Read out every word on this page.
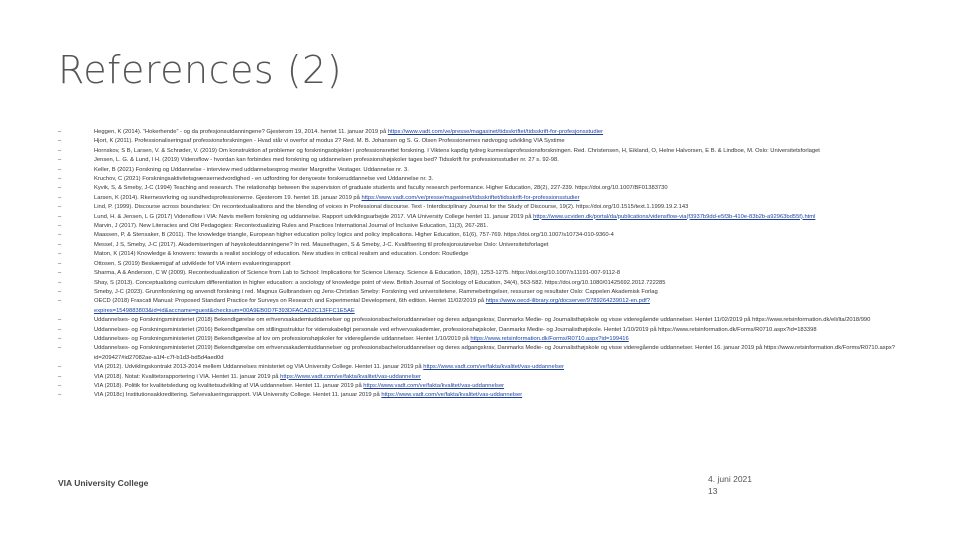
References (2)
–	Heggen, K (2014). ”Hokerhende” - og da profesjonsutdanningene? Gjesterom 19, 2014. hentet 11. januar 2019 på https://www.vadt.com/ve/presse/magasinet/tidsskriftet/tidsskrift-for-profesjonsstudier
–	Hjort, K (2011). Professionaliseringsaf professionsforskningen - Hvad står vi overfor af modus 2? Red. M. B. Johansen og S. G. Olsen Professionernes nødvogog udvikling VIA Systime
–	Hornskov, S B, Larsen, V. & Schrøder, V. (2019) Om konstruktion af problemer og forskningsobjekter i professionsrettet forskning. I Viktens kapdig tydreg kurmeslaprofessionsforskningen. Red. Christensen, H, Eikland, O, Helne Halvorsen, E B. & Lindboe, M. Oslo: Universitetsforlaget
–	Jensen, L. G. & Lund, I H. (2019) Vidensflow - hvordan kan forbindes med forskning og uddannelsen professionshøjskoler tages bed? Tidsskrift for professionsstudier nr. 27 s. 92-98.
–	Keller, B (2021) Forskning og Uddannelse - interview med uddannelsesprog mester Margrethe Vestager. Uddannelse nr. 3.
–	Kruchov, C (2021) Forskningsaktivitetsgrænsernedvordighed - en udfordring for denyoeste forskeruddannelse ved Uddannelse nr. 3.
–	Kyvik, S, & Smeby, J-C (1994) Teaching and research. The relationship between the supervision of graduate students and faculty research performance. Higher Education, 28(2), 227-239. https://doi.org/10.1007/BF01383730
–	Larsen, K (2014). Rkernesvrkring og sundhedsprofessionerne. Gjesterom 19. hentet 18. januar 2019 på https://www.vadt.com/ve/presse/magasinet/tidsskriftet/tidsskrift-for-professionsstudier
–	Lind, P. (1999). Discourse across boundaries: On recontextualisations and the blending of voices in Professional discourse. Text - Interdisciplinary Journal for the Study of Discourse, 19(2). https://doi.org/10.1515/text.1.1999.19.2.143
–	Lund, H. & Jensen, L G (2017) Vidensflow i VIA: Nøvis mellem forskning og uddannelse. Rapport udviklingsarbejde 2017. VIA University College hentet 11. januar 2019 på https://www.ucviden.dk/portal/da/publications/vidensflow-via(f3937b9dd-e5f3b-410e-83b2b-a92963bd55f).html
–	Marvin, J (2017). New Literacies and Old Pedagogies: Recontextualizing Rules and Practices International Journal of Inclusive Education, 11(3), 267-281.
–	Maassen, P, & Stensaker, B (2011). The knowledge triangle, European higher education policy logics and policy implications. Higher Education, 61(6), 757-769. https://doi.org/10.1007/s10734-010-9360-4
–	Messel, J S, Smeby, J-C (2017). Akademiseringen af høyskoleutdanningene? In red. Mausethagen, S & Smeby, J-C. Kvalifisering til profesjonsutøvelse Oslo: Universitetsforlaget
–	Maton, K (2014) Knowledge & knowers: towards a realist sociology of education. New studies in critical realism and education. London: Routledge
–	Ottosen, S (2019) Beskæmigaf af udviklede fof VIA intern evalueringsrapport
–	Sharma, A & Anderson, C W (2009). Recontextualization of Science from Lab to School: Implications for Science Literacy. Science & Education, 18(9), 1253-1275. https://doi.org/10.1007/s11191-007-9112-8
–	Shay, S (2013). Conceptualizing curriculum differentiation in higher education: a sociology of knowledge point of view. British Journal of Sociology of Education, 34(4), 563-582. https://doi.org/10.1080/01425692.2012.722285
–	Smeby, J-C (2023). Grunnforskning og anvendt forskning i red. Magnus Gulbrandsen og Jens-Christian Smeby: Forskning ved universitetene. Rammebetingelser, ressurser og resultater Oslo: Cappelen Akademisk Forlag
–	OECD (2018) Frascati Manual: Proposed Standard Practice for Surveys on Research and Experimental Development, 6th edition. Hentet 11/02/2019 på https://www.oecd-ilibrary.org/docserver/9789264239012-en.pdf?expires=1549883803&id=id&accname=guest&checksum=00A9EB0D7F393DFACAD2C13FFC1E5AE
–	Uddannelses- og Forskningsministeriet (2018) Bekendtgørelse om erhvervsakademiuddannelser og professionsbacheloruddannelser og deres adgangskrav, Danmarks Medie- og Journalisthøjskole og visse videregående uddannelser. Hentet 11/02/2019 på https://www.retsinformation.dk/eli/lta/2018/990
–	Uddannelses- og Forskningsministeriet (2016) Bekendtgørelse om stillingsstruktur for videnskabeligt personale ved erhvervsakademier, professionshøjskoler, Danmarks Medie- og Journalisthøjskole. Hentet 1/10/2019 på https://www.retsinformation.dk/Forms/R0710.aspx?id=183398
–	Uddannelses- og Forskningsministeriet (2019) Bekendtgørelse af lov om professionshøjskoler for videregående uddannelser. Hentet 1/10/2019 på https://www.retsinformation.dk/Forms/R0710.aspx?id=199416
–	Uddannelses- og Forskningsministeriet (2019) Bekendtgørelse om erhvervsakademiuddannelser og professionsbacheloruddannelser og deres adgangskrav, Danmarks Medie- og Journalisthøjskole og visse videregående uddannelser. Hentet 16. januar 2019 på https://www.retsinformation.dk/Forms/R0710.aspx?id=209427#id27082ae-a1f4-c7f-b1d3-bd5d4aed0d
–	VIA (2012). Udviklingskontrakt 2013-2014 mellem Uddannelses ministeriet og VIA University College. Hentet 11. januar 2019 på https://www.vadt.com/ve/fakta/kvalitet/vas-uddannelser
–	VIA (2018). Notat: Kvalitetsrapportering i VIA. Hentet 11. januar 2019 på https://www.vadt.com/ve/fakta/kvalitet/vas-uddannelser
–	VIA (2018). Politik for kvalitetsledung og kvalitetsudvikling af VIA uddannelser. Hentet 11. januar 2019 på https://www.vadt.com/ve/fakta/kvalitet/vas-uddannelser
–	VIA (2018c) Institutionsakkreditering. Selvevalueringsrapport. VIA University College. Hentet 11. januar 2019 på https://www.vadt.com/ve/fakta/kvalitet/vas-uddannelser
VIA University College	4. juni 2021
13
